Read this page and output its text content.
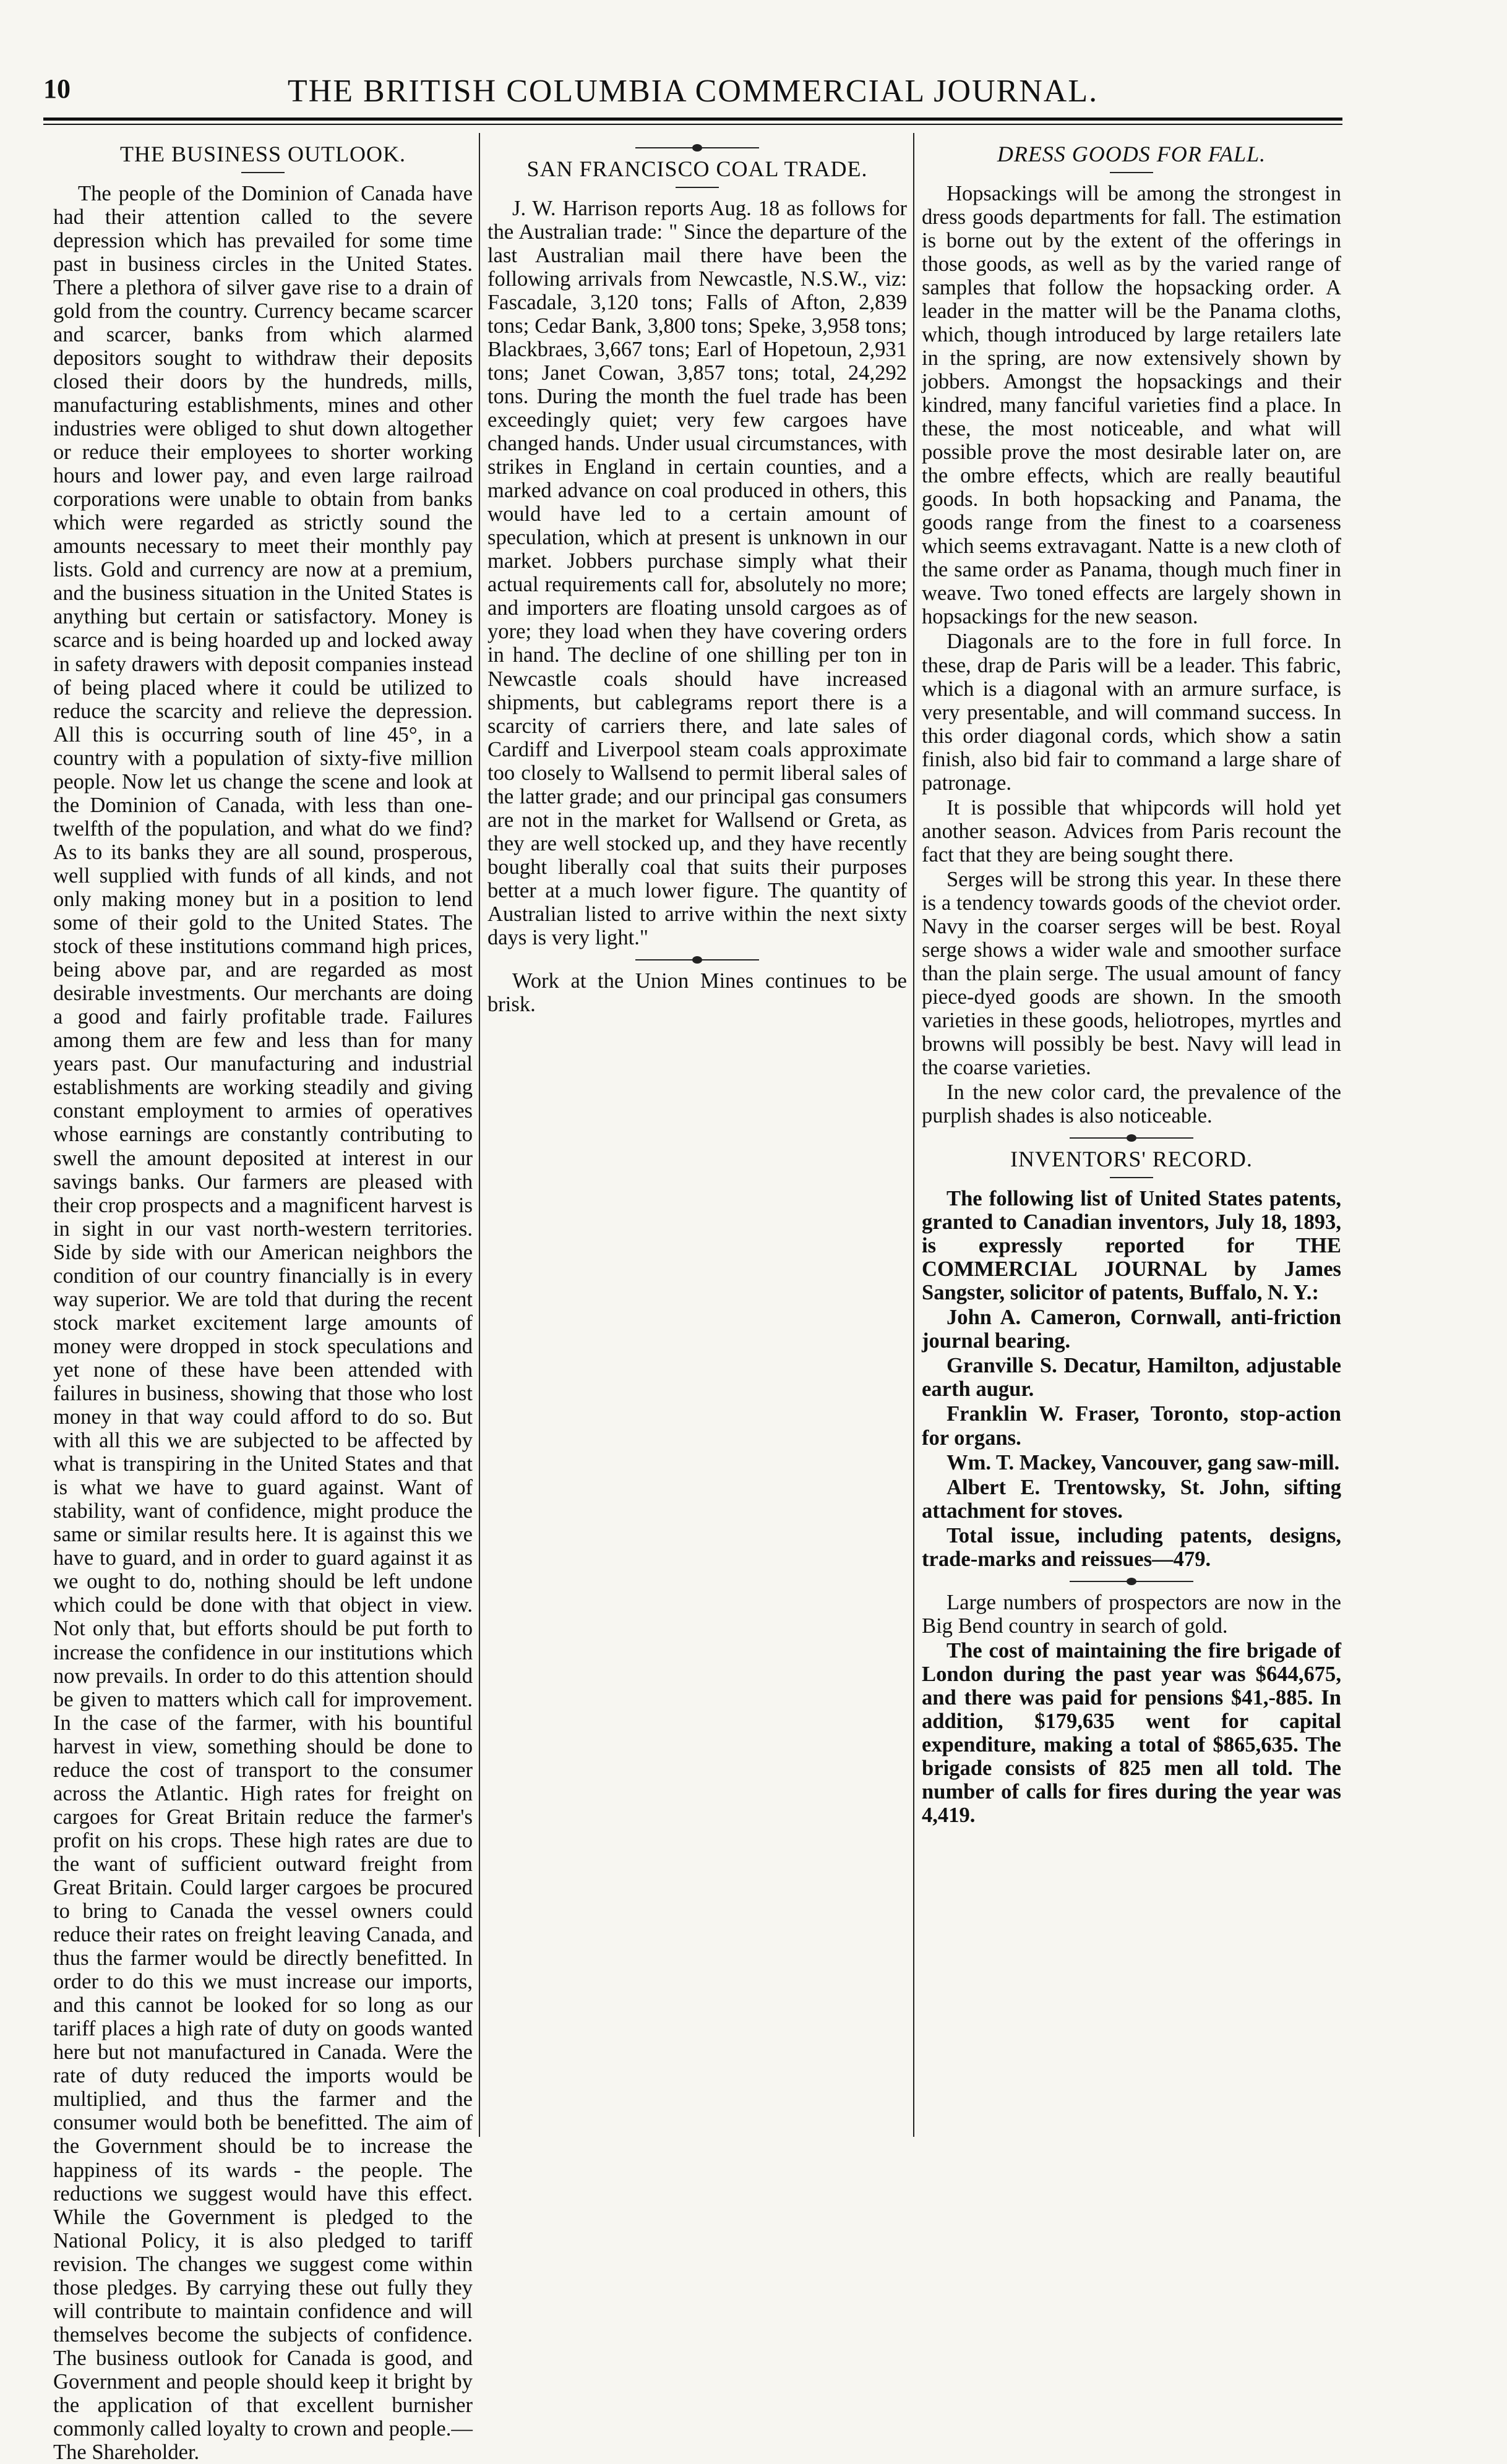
10	THE BRITISH COLUMBIA COMMERCIAL JOURNAL.
THE BUSINESS OUTLOOK.

The people of the Dominion of Canada have had their attention called to the severe depression which has prevailed for some time past in business circles in the United States. There a plethora of silver gave rise to a drain of gold from the country. Currency became scarcer and scarcer, banks from which alarmed depositors sought to withdraw their deposits closed their doors by the hundreds, mills, manufacturing establishments, mines and other industries were obliged to shut down altogether or reduce their employees to shorter working hours and lower pay, and even large railroad corporations were unable to obtain from banks which were regarded as strictly sound the amounts necessary to meet their monthly pay lists. Gold and currency are now at a premium, and the business situation in the United States is anything but certain or satisfactory. Money is scarce and is being hoarded up and locked away in safety drawers with deposit companies instead of being placed where it could be utilized to reduce the scarcity and relieve the depression. All this is occurring south of line 45°, in a country with a population of sixty-five million people. Now let us change the scene and look at the Dominion of Canada, with less than one-twelfth of the population, and what do we find? As to its banks they are all sound, prosperous, well supplied with funds of all kinds, and not only making money but in a position to lend some of their gold to the United States. The stock of these institutions command high prices, being above par, and are regarded as most desirable investments. Our merchants are doing a good and fairly profitable trade. Failures among them are few and less than for many years past. Our manufacturing and industrial establishments are working steadily and giving constant employment to armies of operatives whose earnings are constantly contributing to swell the amount deposited at interest in our savings banks. Our farmers are pleased with their crop prospects and a magnificent harvest is in sight in our vast north-western territories. Side by side with our American neighbors the condition of our country financially is in every way superior. We are told that during the recent stock market excitement large amounts of money were dropped in stock speculations and yet none of these have been attended with failures in business, showing that those who lost money in that way could afford to do so. But with all this we are subjected to be affected by what is transpiring in the United States and that is what we have to guard against. Want of stability, want of confidence, might produce the same or similar results here. It is against this we have to guard, and in order to guard against it as we ought to do, nothing should be left undone which could be done with that object in view. Not only that, but efforts should be put forth to increase the confidence in our institutions which now prevails. In order to do this attention should be given to matters which call for improvement. In the case of the farmer, with his bountiful harvest in view, something should be done to reduce the cost of transport to the consumer across the Atlantic. High rates for freight on cargoes for Great Britain reduce the farmer's profit on his crops. These high rates are due to the want of sufficient outward freight from Great Britain. Could larger cargoes be procured to bring to Canada the vessel owners could reduce their rates on freight leaving Canada, and thus the farmer would be directly benefitted. In order to do this we must increase our imports, and this cannot be looked for so long as our tariff places a high rate of duty on goods wanted here but not manufactured in Canada. Were the rate of duty reduced the imports would be multiplied, and thus the farmer and the consumer would both be benefitted. The aim of the Government should be to increase the happiness of its wards - the people. The reductions we suggest would have this effect. While the Government is pledged to the National Policy, it is also pledged to tariff revision. The changes we suggest come within those pledges. By carrying these out fully they will contribute to maintain confidence and will themselves become the subjects of confidence. The business outlook for Canada is good, and Government and people should keep it bright by the application of that excellent burnisher commonly called loyalty to crown and people.—The Shareholder.

SAN FRANCISCO COAL TRADE.

J. W. Harrison reports Aug. 18 as follows for the Australian trade: " Since the departure of the last Australian mail there have been the following arrivals from Newcastle, N.S.W., viz: Fascadale, 3,120 tons; Falls of Afton, 2,839 tons; Cedar Bank, 3,800 tons; Speke, 3,958 tons; Blackbraes, 3,667 tons; Earl of Hopetoun, 2,931 tons; Janet Cowan, 3,857 tons; total, 24,292 tons. During the month the fuel trade has been exceedingly quiet; very few cargoes have changed hands. Under usual circumstances, with strikes in England in certain counties, and a marked advance on coal produced in others, this would have led to a certain amount of speculation, which at present is unknown in our market. Jobbers purchase simply what their actual requirements call for, absolutely no more; and importers are floating unsold cargoes as of yore; they load when they have covering orders in hand. The decline of one shilling per ton in Newcastle coals should have increased shipments, but cablegrams report there is a scarcity of carriers there, and late sales of Cardiff and Liverpool steam coals approximate too closely to Wallsend to permit liberal sales of the latter grade; and our principal gas consumers are not in the market for Wallsend or Greta, as they are well stocked up, and they have recently bought liberally coal that suits their purposes better at a much lower figure. The quantity of Australian listed to arrive within the next sixty days is very light."

Work at the Union Mines continues to be brisk.

DRESS GOODS FOR FALL.

Hopsackings will be among the strongest in dress goods departments for fall. The estimation is borne out by the extent of the offerings in those goods, as well as by the varied range of samples that follow the hopsacking order. A leader in the matter will be the Panama cloths, which, though introduced by large retailers late in the spring, are now extensively shown by jobbers. Amongst the hopsackings and their kindred, many fanciful varieties find a place. In these, the most noticeable, and what will possible prove the most desirable later on, are the ombre effects, which are really beautiful goods. In both hopsacking and Panama, the goods range from the finest to a coarseness which seems extravagant. Natte is a new cloth of the same order as Panama, though much finer in weave. Two toned effects are largely shown in hopsackings for the new season.

Diagonals are to the fore in full force. In these, drap de Paris will be a leader. This fabric, which is a diagonal with an armure surface, is very presentable, and will command success. In this order diagonal cords, which show a satin finish, also bid fair to command a large share of patronage.

It is possible that whipcords will hold yet another season. Advices from Paris recount the fact that they are being sought there.

Serges will be strong this year. In these there is a tendency towards goods of the cheviot order. Navy in the coarser serges will be best. Royal serge shows a wider wale and smoother surface than the plain serge. The usual amount of fancy piece-dyed goods are shown. In the smooth varieties in these goods, heliotropes, myrtles and browns will possibly be best. Navy will lead in the coarse varieties.

In the new color card, the prevalence of the purplish shades is also noticeable.

INVENTORS' RECORD.

The following list of United States patents, granted to Canadian inventors, July 18, 1893, is expressly reported for THE COMMERCIAL JOURNAL by James Sangster, solicitor of patents, Buffalo, N. Y.:

John A. Cameron, Cornwall, anti-friction journal bearing.

Granville S. Decatur, Hamilton, adjustable earth augur.

Franklin W. Fraser, Toronto, stop-action for organs.

Wm. T. Mackey, Vancouver, gang saw-mill.

Albert E. Trentowsky, St. John, sifting attachment for stoves.

Total issue, including patents, designs, trade-marks and reissues—479.

Large numbers of prospectors are now in the Big Bend country in search of gold.

The cost of maintaining the fire brigade of London during the past year was $644,675, and there was paid for pensions $41,-885. In addition, $179,635 went for capital expenditure, making a total of $865,635. The brigade consists of 825 men all told. The number of calls for fires during the year was 4,419.
